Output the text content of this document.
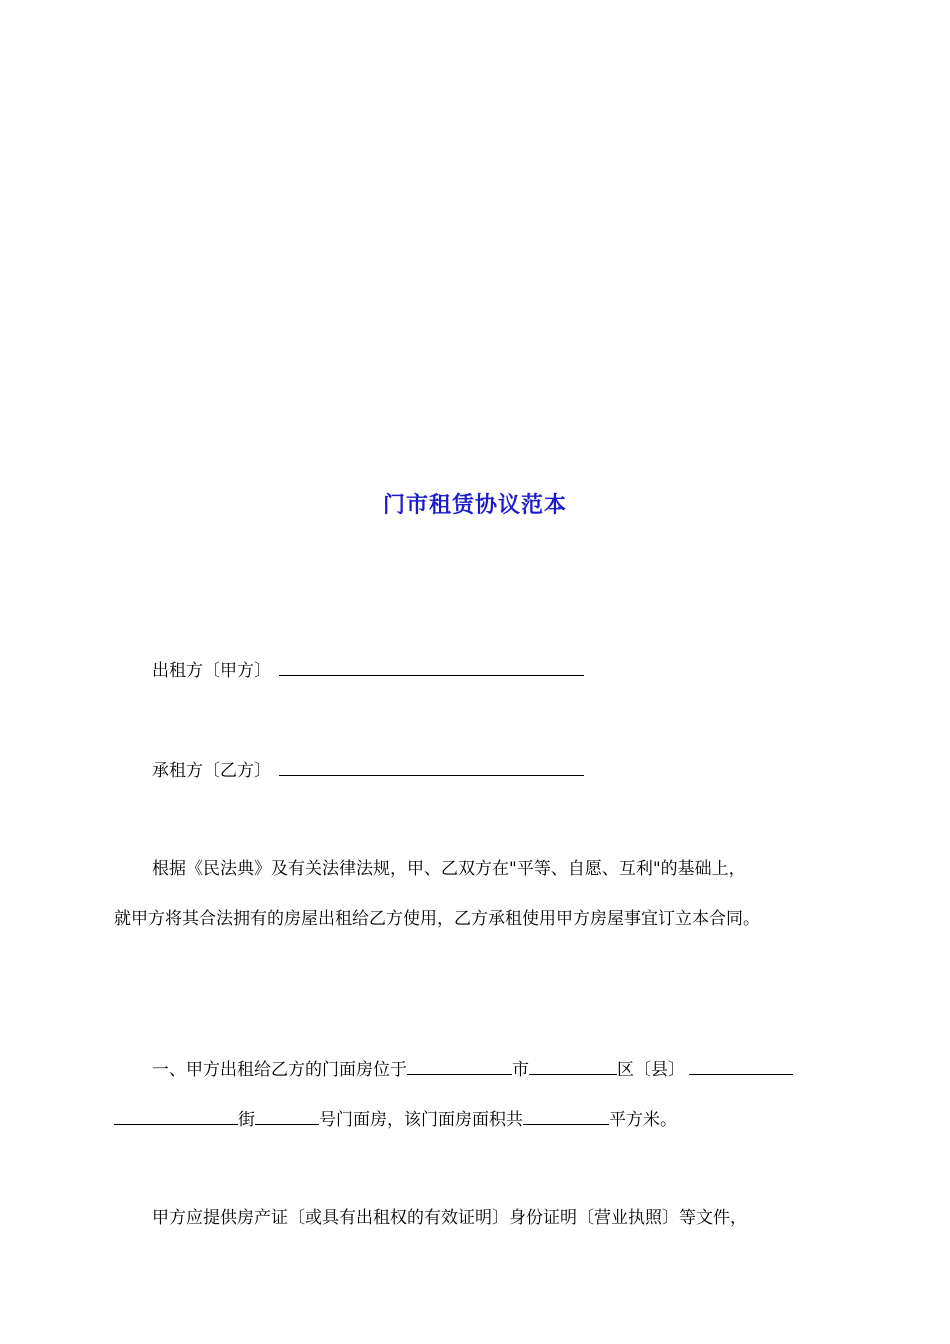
门市租赁协议范本
出租方〔甲方〕
承租方〔乙方〕
根据《民法典》及有关法律法规，甲、乙双方在"平等、自愿、互利"的基础上，
就甲方将其合法拥有的房屋出租给乙方使用，乙方承租使用甲方房屋事宜订立本合同。
一、甲方出租给乙方的门面房位于	市	区〔县〕
街	号门面房，该门面房面积共	平方米。
甲方应提供房产证〔或具有出租权的有效证明〕身份证明〔营业执照〕等文件，
